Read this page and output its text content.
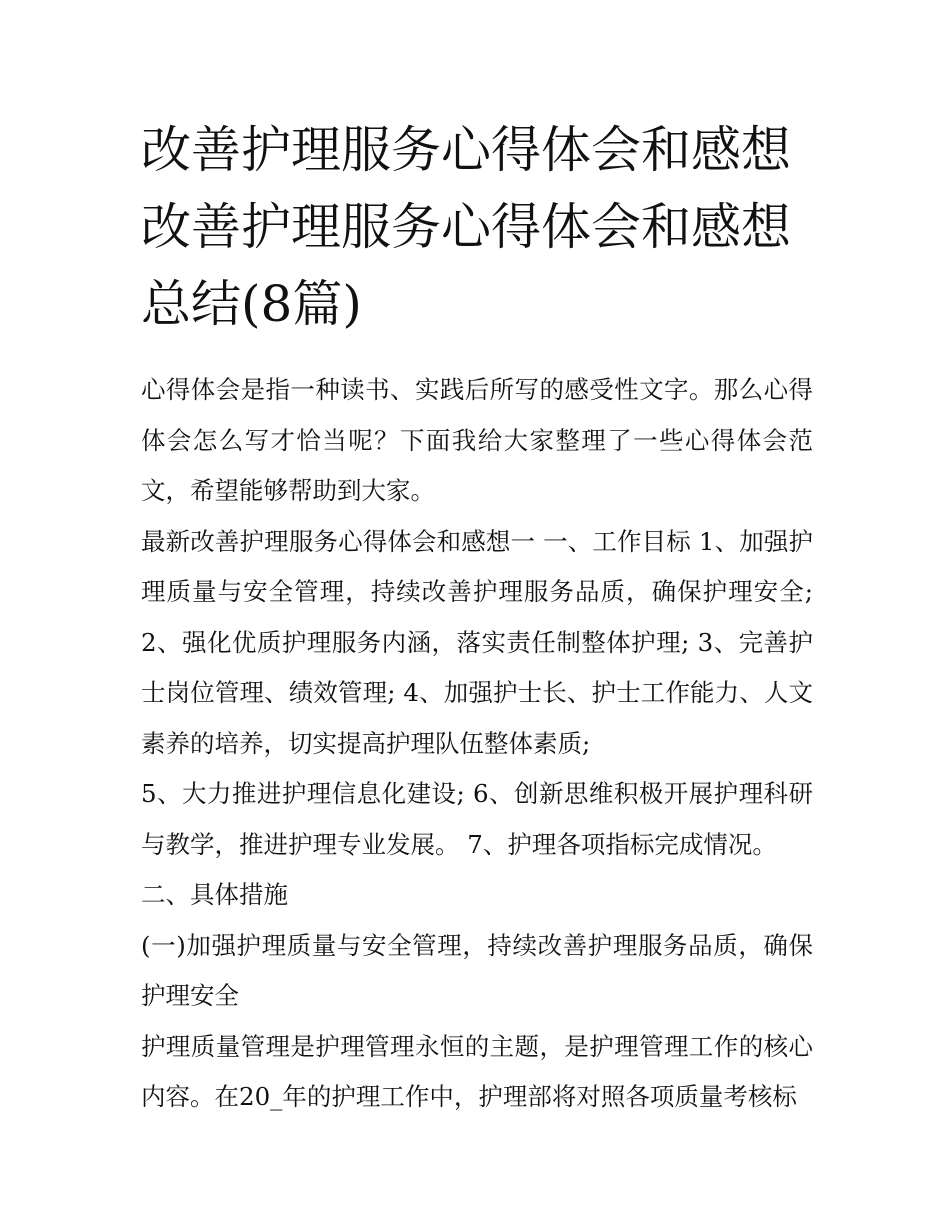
改善护理服务心得体会和感想改善护理服务心得体会和感想总结(8篇)

心得体会是指一种读书、实践后所写的感受性文字。那么心得体会怎么写才恰当呢？下面我给大家整理了一些心得体会范文，希望能够帮助到大家。

最新改善护理服务心得体会和感想一 一、工作目标 1、加强护理质量与安全管理，持续改善护理服务品质，确保护理安全; 2、强化优质护理服务内涵，落实责任制整体护理; 3、完善护士岗位管理、绩效管理; 4、加强护士长、护士工作能力、人文素养的培养，切实提高护理队伍整体素质;

5、大力推进护理信息化建设; 6、创新思维积极开展护理科研与教学，推进护理专业发展。 7、护理各项指标完成情况。

二、具体措施

(一)加强护理质量与安全管理，持续改善护理服务品质，确保护理安全

护理质量管理是护理管理永恒的主题，是护理管理工作的核心内容。在20_年的护理工作中，护理部将对照各项质量考核标
